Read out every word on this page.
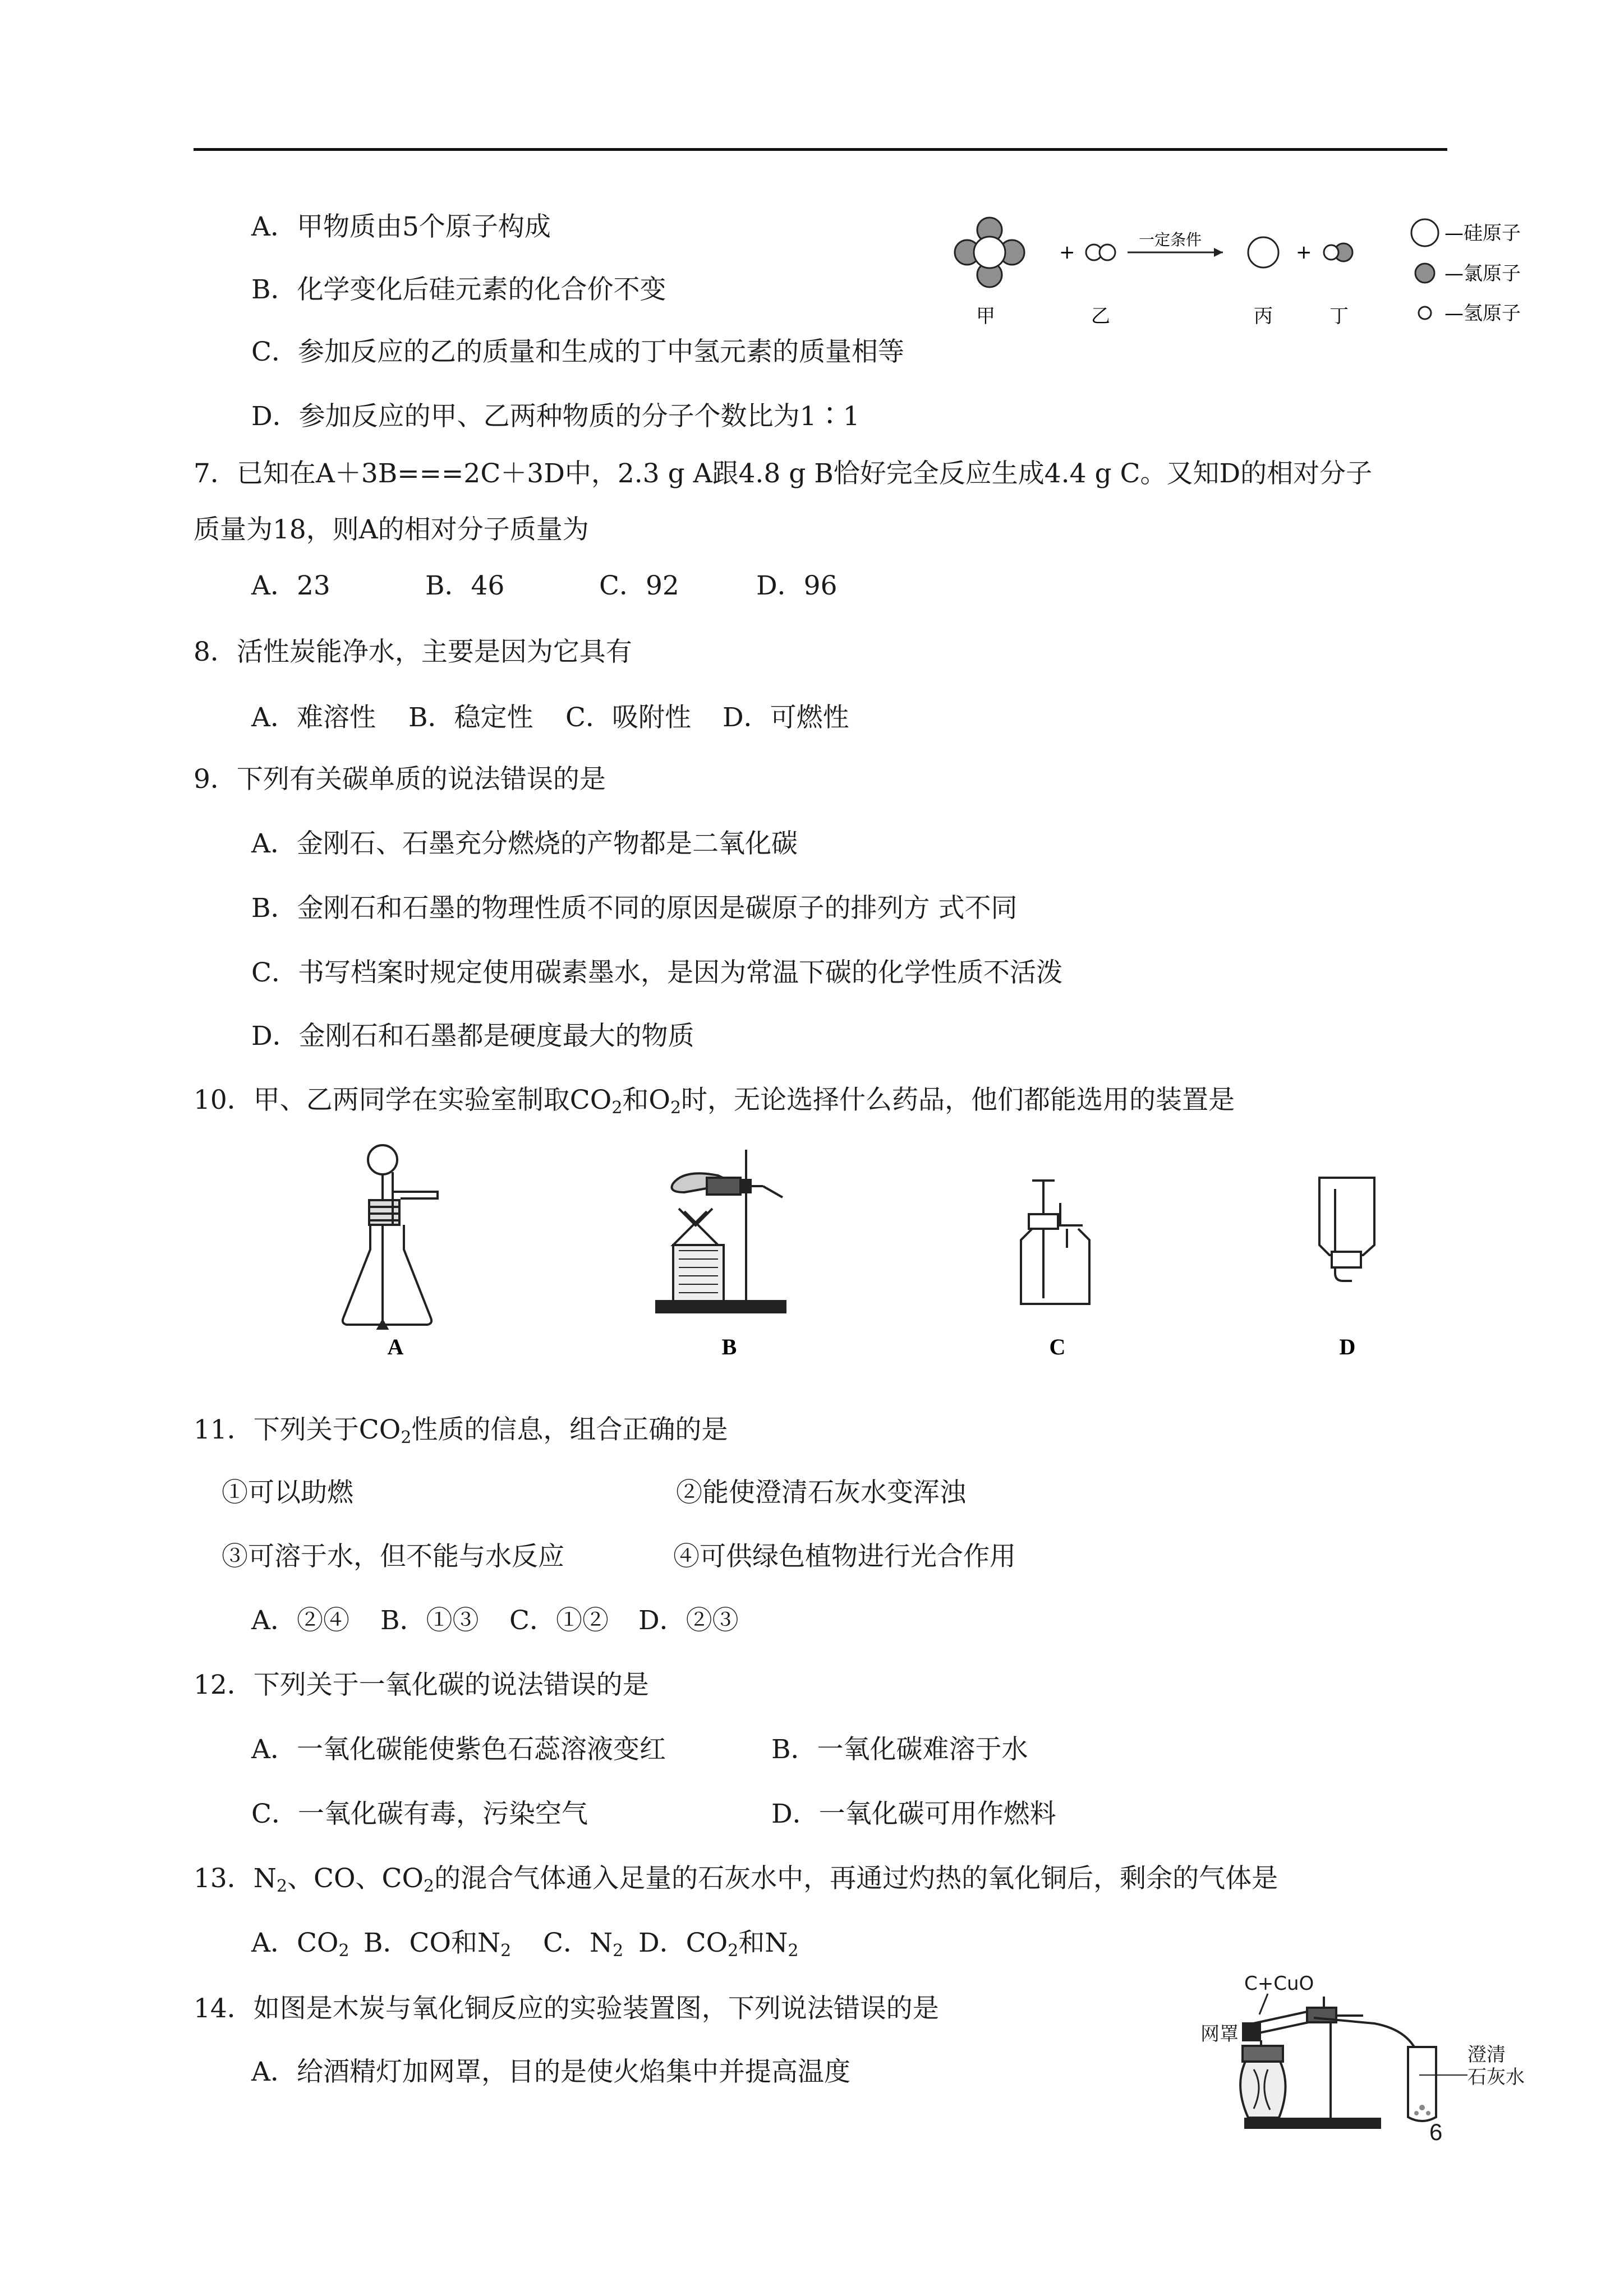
A．甲物质由5个原子构成
B．化学变化后硅元素的化合价不变
C．参加反应的乙的质量和生成的丁中氢元素的质量相等
D．参加反应的甲、乙两种物质的分子个数比为1∶1
+
一定条件
+
甲	乙	丙	丁
—硅原子
—氯原子
—氢原子
7．已知在A＋3B===2C＋3D中，2.3 g A跟4.8 g B恰好完全反应生成4.4 g C。又知D的相对分子
质量为18，则A的相对分子质量为
A．23	B．46	C．92	D．96
8．活性炭能净水，主要是因为它具有
A．难溶性 B．稳定性 C．吸附性 D．可燃性
9．下列有关碳单质的说法错误的是
A．金刚石、石墨充分燃烧的产物都是二氧化碳
B．金刚石和石墨的物理性质不同的原因是碳原子的排列方 式不同
C．书写档案时规定使用碳素墨水，是因为常温下碳的化学性质不活泼
D．金刚石和石墨都是硬度最大的物质
10．甲、乙两同学在实验室制取$CO_2$和$O_2$时，无论选择什么药品，他们都能选用的装置是
A	B	C	D
11．下列关于$CO_2$性质的信息，组合正确的是
①可以助燃	②能使澄清石灰水变浑浊
③可溶于水，但不能与水反应	④可供绿色植物进行光合作用
A．②④ B．①③ C．①② D．②③
12．下列关于一氧化碳的说法错误的是
A．一氧化碳能使紫色石蕊溶液变红	B．一氧化碳难溶于水
C．一氧化碳有毒，污染空气	D．一氧化碳可用作燃料
13．$N_2$、CO、$CO_2$的混合气体通入足量的石灰水中，再通过灼热的氧化铜后，剩余的气体是
A．$CO_2$ B．CO和$N_2$ C．$N_2$ D．$CO_2$和$N_2$
14．如图是木炭与氧化铜反应的实验装置图，下列说法错误的是
A．给酒精灯加网罩，目的是使火焰集中并提高温度
C+CuO
网罩
澄清
石灰水
6
